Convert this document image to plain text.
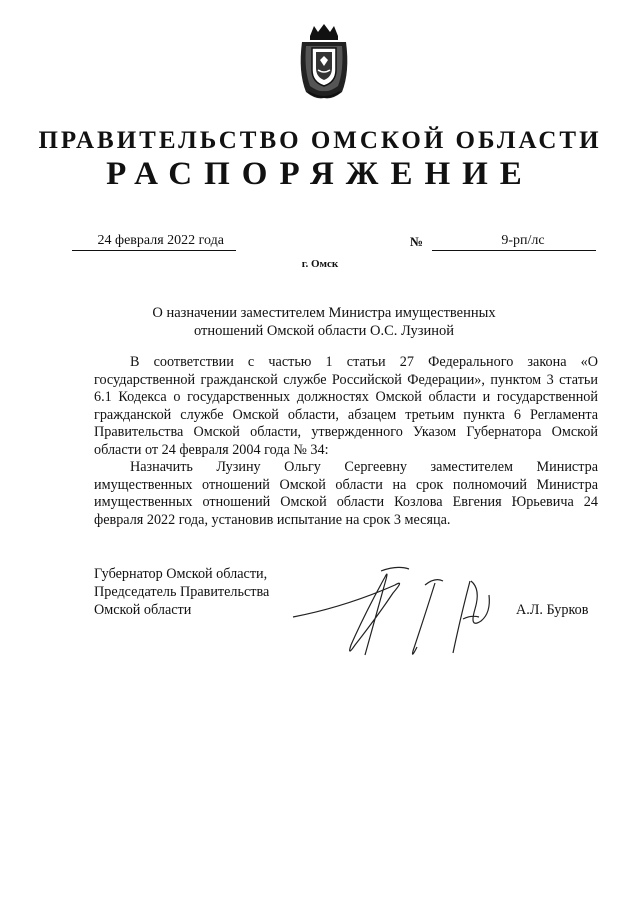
ПРАВИТЕЛЬСТВО ОМСКОЙ ОБЛАСТИ
РАСПОРЯЖЕНИЕ
24 февраля 2022 года	№	9-рп/лс
г. Омск
О назначении заместителем Министра имущественных
отношений Омской области О.С. Лузиной

В соответствии с частью 1 статьи 27 Федерального закона «О государственной гражданской службе Российской Федерации», пунктом 3 статьи 6.1 Кодекса о государственных должностях Омской области и государственной гражданской службе Омской области, абзацем третьим пункта 6 Регламента Правительства Омской области, утвержденного Указом Губернатора Омской области от 24 февраля 2004 года № 34:

Назначить Лузину Ольгу Сергеевну заместителем Министра имущественных отношений Омской области на срок полномочий Министра имущественных отношений Омской области Козлова Евгения Юрьевича 24 февраля 2022 года, установив испытание на срок 3 месяца.

Губернатор Омской области,
Председатель Правительства
Омской области	А.Л. Бурков
